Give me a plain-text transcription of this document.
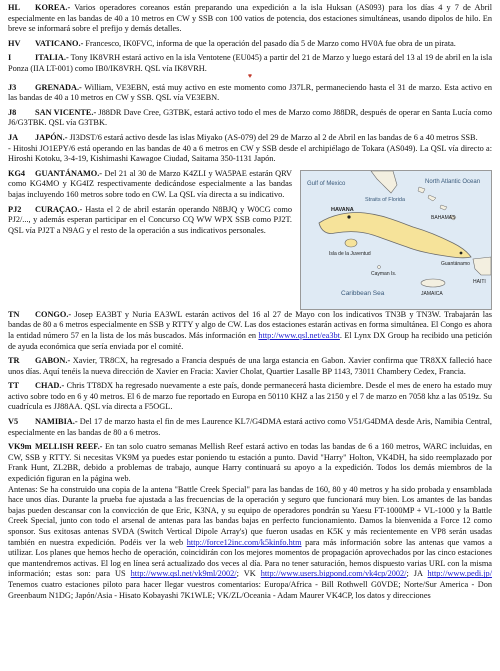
HL KOREA.- Varios operadores coreanos están preparando una expedición a la isla Huksan (AS093) para los días 4 y 7 de Abril especialmente en las bandas de 40 a 10 metros en CW y SSB con 100 vatios de potencia, dos estaciones simultáneas, usando dipolos de hilo. En breve se informará sobre el prefijo y demás detalles.
HV VATICANO.- Francesco, IK0FVC, informa de que la operación del pasado día 5 de Marzo como HV0A fue obra de un pirata.
I	ITALIA.- Tony IK8VRH estará activo en la isla Ventotene (EU045) a partir del 21 de Marzo y luego estará del 13 al 19 de abril en la isla Ponza (IIA LT-001) como IB0/IK8VRH. QSL vía IK8VRH.
♥
J3 GRENADA.- William, VE3EBN, está muy activo en este momento como J37LR, permaneciendo hasta el 31 de marzo. Esta activo en las bandas de 40 a 10 metros en CW y SSB. QSL vía VE3EBN.
J8 SAN VICENTE.- J88DR Dave Cree, G3TBK, estará activo todo el mes de Marzo como J88DR, después de operar en Santa Lucía como J6/G3TBK. QSL vía G3TBK.
JA JAPÓN.- JI3DST/6 estará activo desde las islas Miyako (AS-079) del 29 de Marzo al 2 de Abril en las bandas de 6 a 40 metros SSB.
- Hitoshi JO1EPY/6 está operando en las bandas de 40 a 6 metros en CW y SSB desde el archipiélago de Tokara (AS049). La QSL vía directo a: Hiroshi Kotoku, 3-4-19, Kishimashi Kawagoe Ciudad, Saitama 350-1131 Japón.
KG4 GUANTÁNAMO.- Del 21 al 30 de Marzo K4ZLI y WA5PAE estarán QRV como KG4MO y KG4IZ respectivamente dedicándose especialmente a las bandas bajas incluyendo 160 metros sobre todo en CW. La QSL vía directa a su indicativo.
PJ2 CURAÇAO.- Hasta el 2 de abril estarán operando N8BJQ y W0CG como PJ2/..., y además esperan participar en el Concurso CQ WW WPX SSB como PJ2T. QSL vía PJ2T a N9AG y el resto de la operación a sus indicativos personales.
Gulf of Mexico
Straits of Florida
HAVANA
North Atlantic Ocean
BAHAMAS
Isla de la Juventud
Guantánamo
Cayman Is.
Caribbean Sea	JAMAICA
HAITI
TN CONGO.- Josep EA3BT y Nuria EA3WL estarán activos del 16 al 27 de Mayo con los indicativos TN3B y TN3W. Trabajarán las bandas de 80 a 6 metros especialmente en SSB y RTTY y algo de CW. Las dos estaciones estarán activas en forma simultánea. El Congo es ahora la entidad número 57 en la lista de los más buscados. Más información en http://www.qsl.net/ea3bt. El Lynx DX Group ha recibido una petición de ayuda económica que sería enviada por el comité.
TR GABON.- Xavier, TR8CX, ha regresado a Francia después de una larga estancia en Gabon. Xavier confirma que TR8XX falleció hace unos días. Aquí tenéis la nueva dirección de Xavier en Fracia: Xavier Cholat, Quartier Lasalle BP 1143, 73011 Chambery Cedex, Francia.
TT CHAD.- Chris TT8DX ha regresado nuevamente a este país, donde permanecerá hasta diciembre. Desde el mes de enero ha estado muy activo sobre todo en 6 y 40 metros. El 6 de marzo fue reportado en Europa en 50110 KHZ a las 2150 y el 7 de marzo en 7058 khz a las 0519z. Su cuadrícula es JJ88AA. QSL vía directa a F5OGL.
V5 NAMIBIA.- Del 17 de marzo hasta el fin de mes Laurence KL7/G4DMA estará activo como V51/G4DMA desde Aris, Namibia Central, especialmente en las bandas de 80 a 6 metros.
VK9m MELLISH REEF.- En tan solo cuatro semanas Mellish Reef estará activo en todas las bandas de 6 a 160 metros, WARC incluidas, en CW, SSB y RTTY. Si necesitas VK9M ya puedes estar poniendo tu estación a punto. David "Harry" Holton, VK4DH, ha sido reemplazado por Frank Hunt, ZL2BR, debido a problemas de trabajo, aunque Harry continuará su apoyo a la expedición. Todos los demás miembros de la expedición figuran en la página web.
Antenas: Se ha construido una copia de la antena "Battle Creek Special" para las bandas de 160, 80 y 40 metros y ha sido probada y ensamblada hace unos días. Durante la prueba fue ajustada a las frecuencias de la operación y seguro que funcionará muy bien. Los amantes de las bandas bajas pueden descansar con la convicción de que Eric, K3NA, y su equipo de operadores pondrán su Yaesu FT-1000MP + VL-1000 y la Battle Creek Special, junto con todo el arsenal de antenas para las bandas bajas en perfecto funcionamiento. Damos la bienvenida a Force 12 como sponsor. Sus exitosas antenas SVDA (Switch Vertical Dipole Array's) que fueron usadas en K5K y más recientemente en VP8 serán usadas también en nuestra expedición. Podéis ver la web http://force12inc.com/k5kinfo.htm para más información sobre las antenas que vamos a utilizar. Los planes que hemos hecho de operación, coincidirán con los mejores momentos de propagación aprovechados por las cinco estaciones que mantendremos activas. El log en línea será actualizado dos veces al día. Para no tener saturación, hemos dispuesto varias URL con la misma información; estas son: para US http://www.qsl.net/vk9ml/2002/; VK http://www.users.bigpond.com/vk4cp/2002/; JA http://www.pedi.jp/ Tenemos cuatro estaciones piloto para hacer llegar vuestros comentarios: Europa/Africa - Bill Rothwell G0VDE; Norte/Sur America - Don Greenbaum N1DG; Japón/Asia - Hisato Kobayashi 7K1WLE; VK/ZL/Oceania - Adam Maurer VK4CP, los datos y direcciones
